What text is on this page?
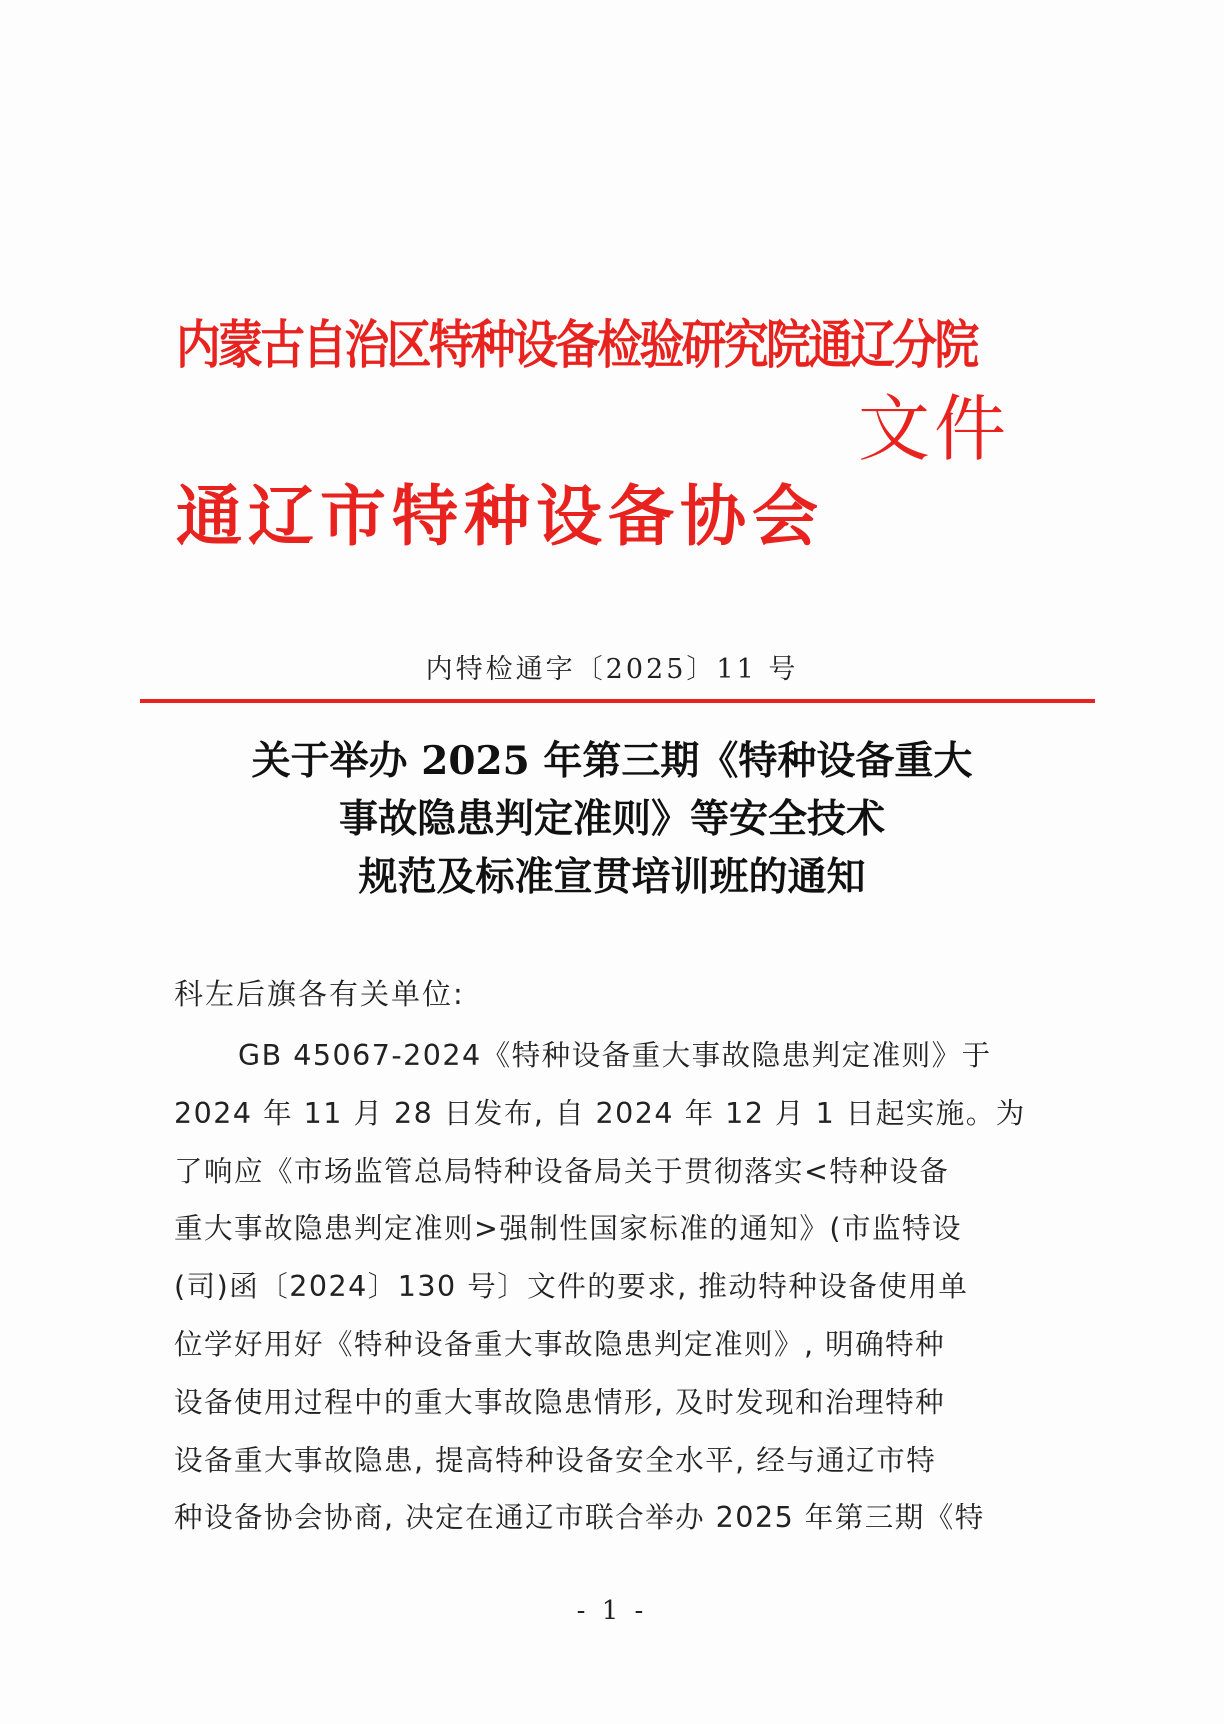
内蒙古自治区特种设备检验研究院通辽分院
通辽市特种设备协会
文件

内特检通字〔2025〕11 号

关于举办 2025 年第三期《特种设备重大
事故隐患判定准则》等安全技术
规范及标准宣贯培训班的通知

科左后旗各有关单位:

GB 45067-2024《特种设备重大事故隐患判定准则》于
2024 年 11 月 28 日发布, 自 2024 年 12 月 1 日起实施。为
了响应《市场监管总局特种设备局关于贯彻落实<特种设备
重大事故隐患判定准则>强制性国家标准的通知》(市监特设
(司)函〔2024〕130 号〕文件的要求, 推动特种设备使用单
位学好用好《特种设备重大事故隐患判定准则》, 明确特种
设备使用过程中的重大事故隐患情形, 及时发现和治理特种
设备重大事故隐患, 提高特种设备安全水平, 经与通辽市特
种设备协会协商, 决定在通辽市联合举办 2025 年第三期《特

- 1 -
